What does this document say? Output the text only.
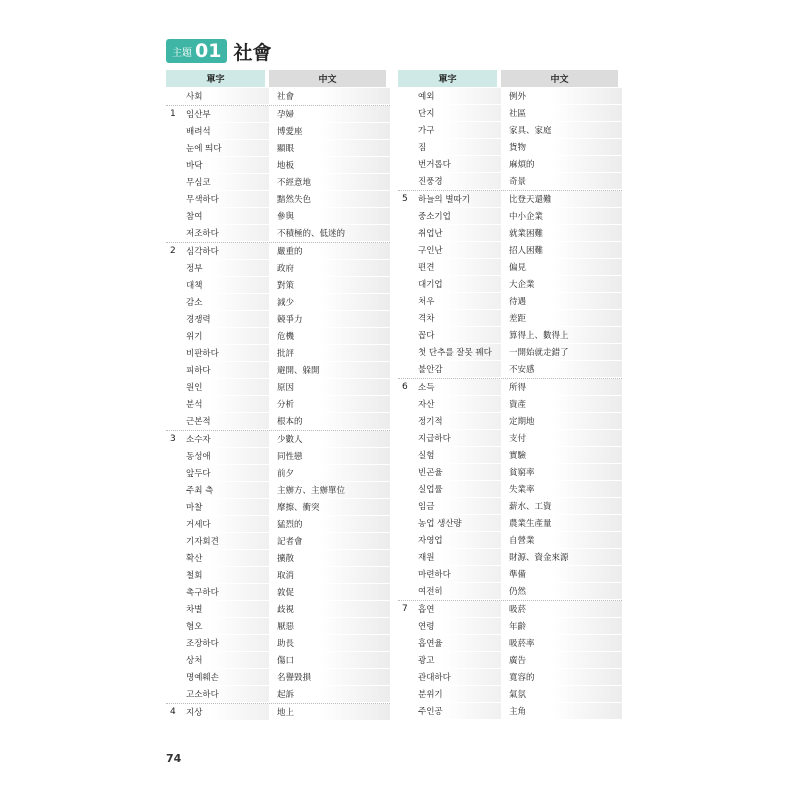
主題 01 社會
單字	中文
사회	社會
1	임산부	孕婦
배려석	博愛座
눈에 띄다	顯眼
바닥	地板
무심코	不經意地
무색하다	黯然失色
참여	參與
저조하다	不積極的、低迷的
2	심각하다	嚴重的
정부	政府
대책	對策
감소	減少
경쟁력	競爭力
위기	危機
비판하다	批評
피하다	避開、躲開
원인	原因
분석	分析
근본적	根本的
3	소수자	少數人
동성애	同性戀
앞두다	前夕
주최 측	主辦方、主辦單位
마찰	摩擦、衝突
거세다	猛烈的
기자회견	記者會
확산	擴散
철회	取消
촉구하다	敦促
차별	歧視
혐오	厭惡
조장하다	助長
상처	傷口
명예훼손	名譽毀損
고소하다	起訴
4	지상	地上
單字	中文
예외	例外
단지	社區
가구	家具、家庭
짐	貨物
번거롭다	麻煩的
진풍경	奇景
5	하늘의 별따기	比登天還難
중소기업	中小企業
취업난	就業困難
구인난	招人困難
편견	偏見
대기업	大企業
처우	待遇
격차	差距
꼽다	算得上、數得上
첫 단추를 잘못 꿰다	一開始就走錯了
불안감	不安感
6	소득	所得
자산	資產
정기적	定期地
지급하다	支付
실험	實驗
빈곤율	貧窮率
실업률	失業率
임금	薪水、工資
농업 생산량	農業生產量
자영업	自營業
재원	財源、資金來源
마련하다	準備
여전히	仍然
7	흡연	吸菸
연령	年齡
흡연율	吸菸率
광고	廣告
관대하다	寬容的
분위기	氣氛
주인공	主角
74
